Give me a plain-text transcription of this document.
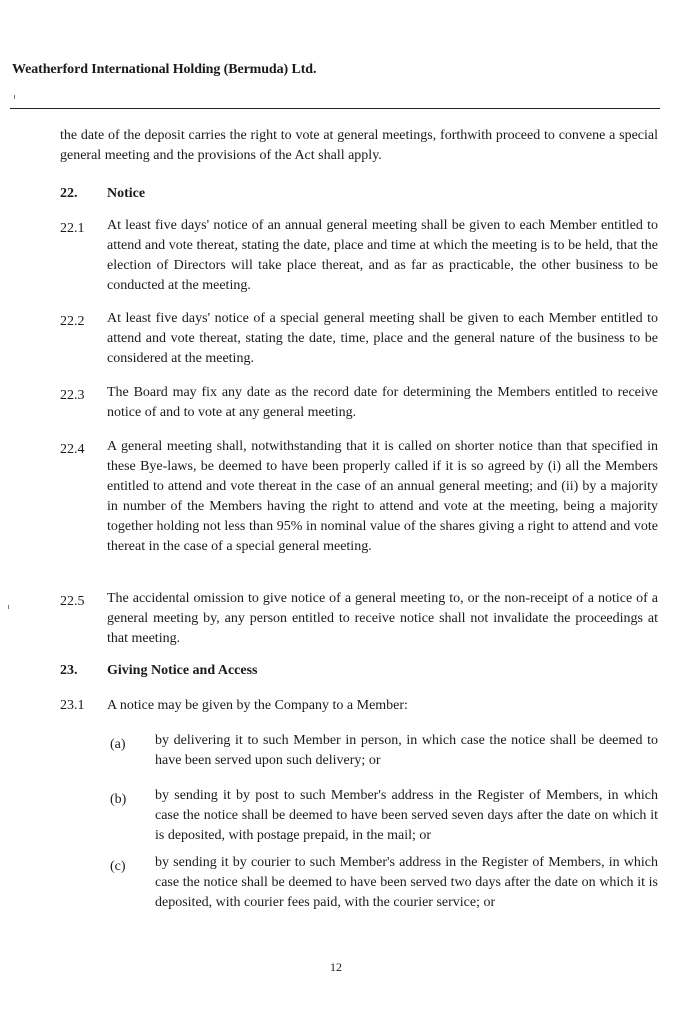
Weatherford International Holding (Bermuda) Ltd.
the date of the deposit carries the right to vote at general meetings, forthwith proceed to convene a special general meeting and the provisions of the Act shall apply.
22. Notice
22.1 At least five days' notice of an annual general meeting shall be given to each Member entitled to attend and vote thereat, stating the date, place and time at which the meeting is to be held, that the election of Directors will take place thereat, and as far as practicable, the other business to be conducted at the meeting.
22.2 At least five days' notice of a special general meeting shall be given to each Member entitled to attend and vote thereat, stating the date, time, place and the general nature of the business to be considered at the meeting.
22.3 The Board may fix any date as the record date for determining the Members entitled to receive notice of and to vote at any general meeting.
22.4 A general meeting shall, notwithstanding that it is called on shorter notice than that specified in these Bye-laws, be deemed to have been properly called if it is so agreed by (i) all the Members entitled to attend and vote thereat in the case of an annual general meeting; and (ii) by a majority in number of the Members having the right to attend and vote at the meeting, being a majority together holding not less than 95% in nominal value of the shares giving a right to attend and vote thereat in the case of a special general meeting.
22.5 The accidental omission to give notice of a general meeting to, or the non-receipt of a notice of a general meeting by, any person entitled to receive notice shall not invalidate the proceedings at that meeting.
23. Giving Notice and Access
23.1 A notice may be given by the Company to a Member:
(a) by delivering it to such Member in person, in which case the notice shall be deemed to have been served upon such delivery; or
(b) by sending it by post to such Member's address in the Register of Members, in which case the notice shall be deemed to have been served seven days after the date on which it is deposited, with postage prepaid, in the mail; or
(c) by sending it by courier to such Member's address in the Register of Members, in which case the notice shall be deemed to have been served two days after the date on which it is deposited, with courier fees paid, with the courier service; or
12
